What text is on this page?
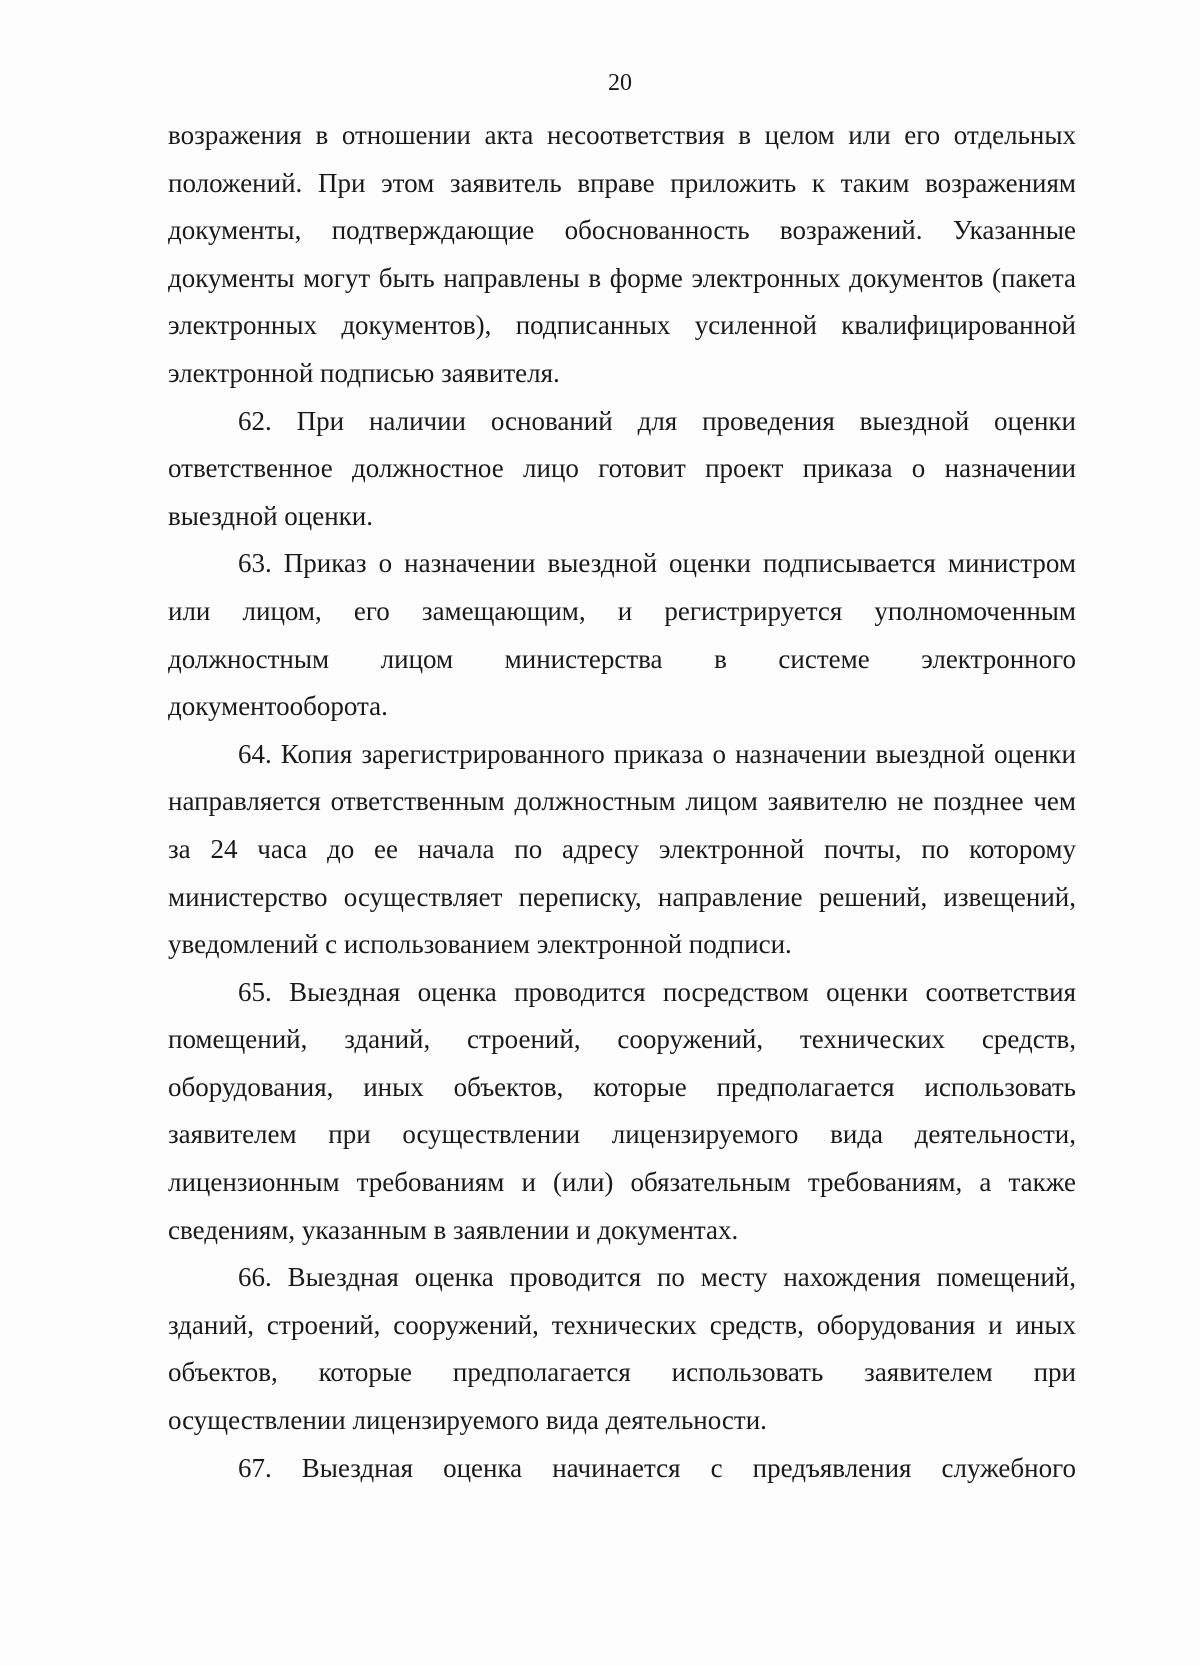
20

возражения в отношении акта несоответствия в целом или его отдельных положений. При этом заявитель вправе приложить к таким возражениям документы, подтверждающие обоснованность возражений. Указанные документы могут быть направлены в форме электронных документов (пакета электронных документов), подписанных усиленной квалифицированной электронной подписью заявителя.

62. При наличии оснований для проведения выездной оценки ответственное должностное лицо готовит проект приказа о назначении выездной оценки.

63. Приказ о назначении выездной оценки подписывается министром или лицом, его замещающим, и регистрируется уполномоченным должностным лицом министерства в системе электронного документооборота.

64. Копия зарегистрированного приказа о назначении выездной оценки направляется ответственным должностным лицом заявителю не позднее чем за 24 часа до ее начала по адресу электронной почты, по которому министерство осуществляет переписку, направление решений, извещений, уведомлений с использованием электронной подписи.

65. Выездная оценка проводится посредством оценки соответствия помещений, зданий, строений, сооружений, технических средств, оборудования, иных объектов, которые предполагается использовать заявителем при осуществлении лицензируемого вида деятельности, лицензионным требованиям и (или) обязательным требованиям, а также сведениям, указанным в заявлении и документах.

66. Выездная оценка проводится по месту нахождения помещений, зданий, строений, сооружений, технических средств, оборудования и иных объектов, которые предполагается использовать заявителем при осуществлении лицензируемого вида деятельности.

67. Выездная оценка начинается с предъявления служебного
